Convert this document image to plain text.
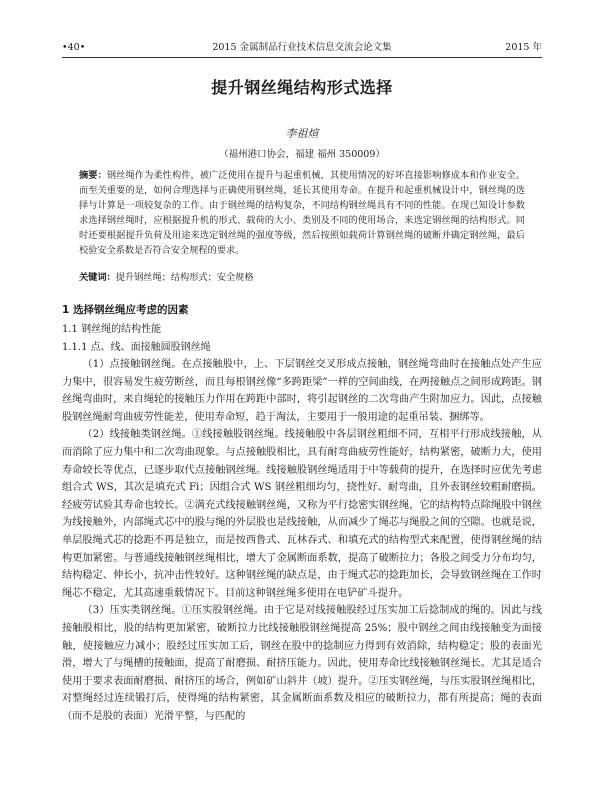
•40•	2015 金属制品行业技术信息交流会论文集	2015 年
提升钢丝绳结构形式选择
李祖煊
（福州港口协会，福建 福州 350009）
摘要：钢丝绳作为柔性构件，被广泛使用在提升与起重机械，其使用情况的好坏直接影响修成本和作业安全。而至关重要的是，如何合理选择与正确使用钢丝绳，延长其使用寿命。在提升和起重机械设计中，钢丝绳的选择与计算是一项较复杂的工作。由于钢丝绳的结构复杂，不同结构钢丝绳具有不同的性能。在现已知设计参数求选择钢丝绳时，应根据提升机的形式、载荷的大小、类别及不同的使用场合，来选定钢丝绳的结构形式。同时还要根据提升负荷及用途来选定钢丝绳的强度等级，然后按照如载荷计算钢丝绳的破断并确定钢丝绳，最后校验安全系数是否符合安全规程的要求。
关键词：提升钢丝绳；结构形式；安全规格
1 选择钢丝绳应考虑的因素
1.1 钢丝绳的结构性能
1.1.1 点、线、面接触圆股钢丝绳

（1）点接触钢丝绳。在点接触股中，上、下层钢丝交叉形成点接触，钢丝绳弯曲时在接触点处产生应力集中，很容易发生疲劳断丝，而且每根钢丝像“多跨距梁”一样的空间曲线，在两接触点之间形成跨距。钢丝绳弯曲时，来自绳轮的接触压力作用在跨距中部时，将引起钢丝的二次弯曲产生附加应力。因此，点接触股钢丝绳耐弯曲疲劳性能差，使用寿命短，趋于淘汰，主要用于一般用途的起重吊装、捆绑等。

（2）线接触类钢丝绳。①线接触股钢丝绳。线接触股中各层钢丝粗细不同，互相平行形成线接触，从而消除了应力集中和二次弯曲现象。与点接触股相比，具有耐弯曲疲劳性能好，结构紧密，破断力大，使用寿命较长等优点，已逐步取代点接触钢丝绳。线接触股钢丝绳适用于中等载荷的提升，在选择时应优先考虑组合式 WS，其次是填充式 Fi；因组合式 WS 钢丝粗细均匀，挠性好、耐弯曲，且外表钢丝较粗耐磨损。经疲劳试验其寿命也较长。②满充式线接触钢丝绳，又称为平行捻密实钢丝绳，它的结构特点除绳股中钢丝为线接触外，内部绳式芯中的股与绳的外层股也是线接触，从而减少了绳芯与绳股之间的空隙。也就是说，单层股绳式芯的捻距不再是独立，而是按西鲁式、瓦林吞式、和填充式的结构型式来配置，使得钢丝绳的结构更加紧密。与普通线接触钢丝绳相比，增大了金属断面系数，提高了破断拉力；各股之间受力分布均匀，结构稳定、伸长小，抗冲击性较好。这种钢丝绳的缺点是，由于绳式芯的捻距加长，会导致钢丝绳在工作时绳芯不稳定，尤其高速重载情况下。目前这种钢丝绳多使用在电铲矿斗提升。

（3）压实类钢丝绳。①压实股钢丝绳。由于它是对线接触股经过压实加工后捻制成的绳的。因此与线接触股相比，股的结构更加紧密，破断拉力比线接触股钢丝绳提高 25%；股中钢丝之间由线接触变为面接触，使接触应力减小；股经过压实加工后，钢丝在股中的捻制应力得到有效消除，结构稳定；股的表面光滑，增大了与绳槽的接触面，提高了耐磨损、耐挤压能力。因此，使用寿命比线接触钢丝绳长。尤其是适合使用于要求表面耐磨损、耐挤压的场合，例如矿山斜井（坡）提升。②压实钢丝绳，与压实股钢丝绳相比，对整绳经过连续锻打后，使得绳的结构紧密，其金属断面系数及相应的破断拉力，都有所提高；绳的表面（而不是股的表面）光滑平整，与匹配的
